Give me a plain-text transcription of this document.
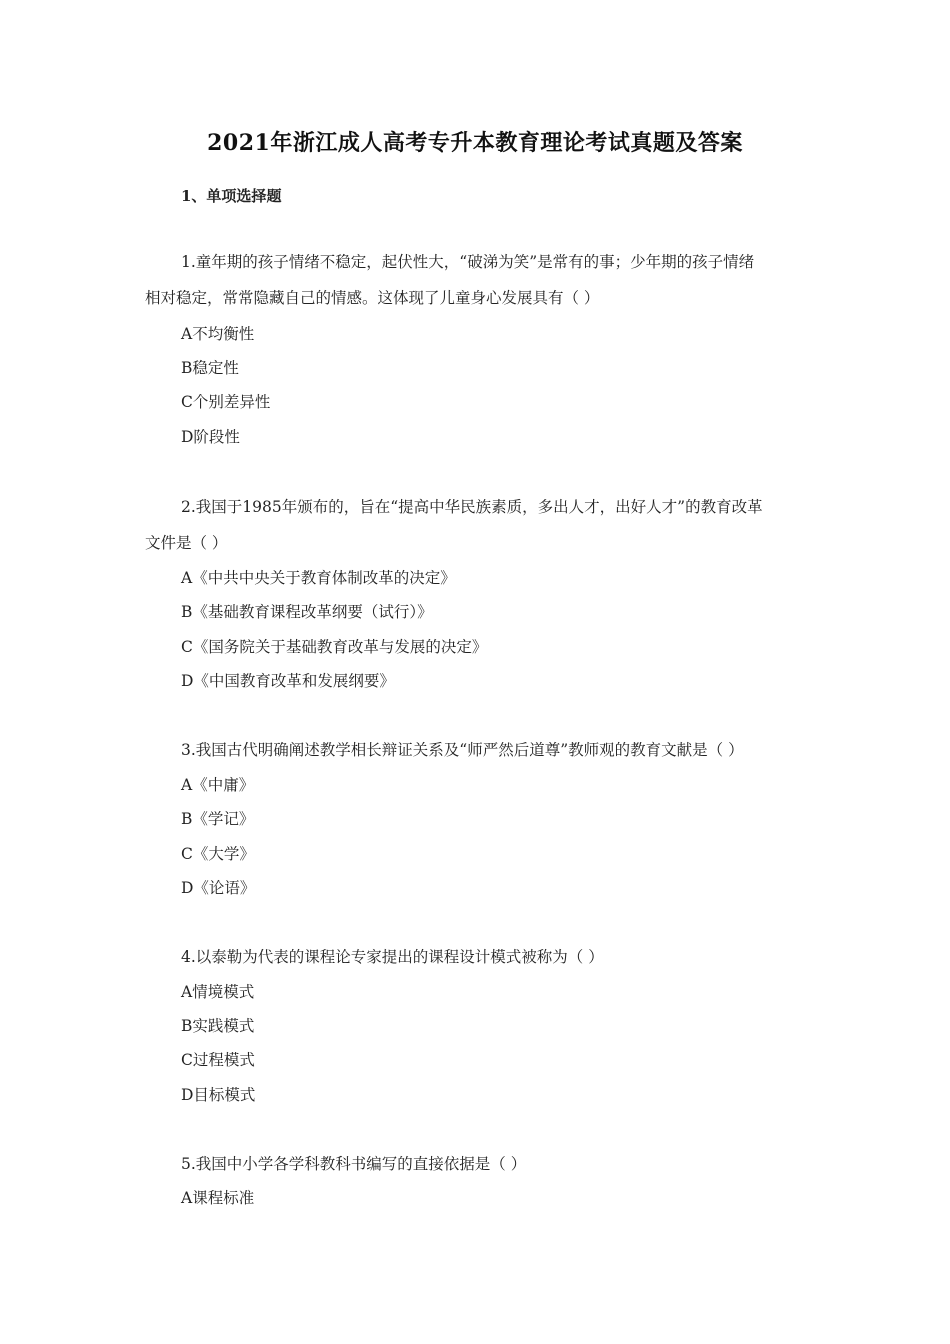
2021年浙江成人高考专升本教育理论考试真题及答案
1、单项选择题
1.童年期的孩子情绪不稳定，起伏性大，“破涕为笑”是常有的事；少年期的孩子情绪
相对稳定，常常隐藏自己的情感。这体现了儿童身心发展具有（ ）
A不均衡性
B稳定性
C个别差异性
D阶段性
2.我国于1985年颁布的，旨在“提高中华民族素质，多出人才，出好人才”的教育改革
文件是（ ）
A《中共中央关于教育体制改革的决定》
B《基础教育课程改革纲要（试行）》
C《国务院关于基础教育改革与发展的决定》
D《中国教育改革和发展纲要》
3.我国古代明确阐述教学相长辩证关系及“师严然后道尊”教师观的教育文献是（ ）
A《中庸》
B《学记》
C《大学》
D《论语》
4.以泰勒为代表的课程论专家提出的课程设计模式被称为（ ）
A情境模式
B实践模式
C过程模式
D目标模式
5.我国中小学各学科教科书编写的直接依据是（ ）
A课程标准
